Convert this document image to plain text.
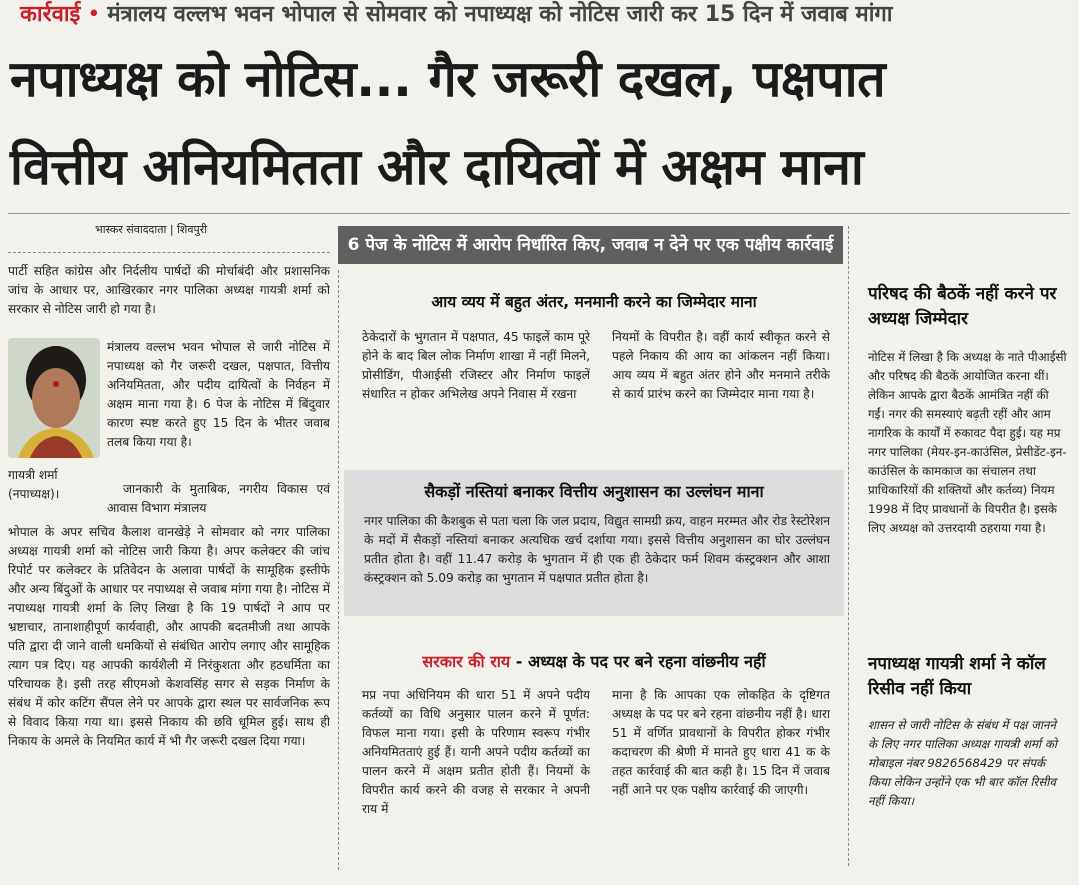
कार्रवाई • मंत्रालय वल्लभ भवन भोपाल से सोमवार को नपाध्यक्ष को नोटिस जारी कर 15 दिन में जवाब मांगा
नपाध्यक्ष को नोटिस... गैर जरूरी दखल, पक्षपात
वित्तीय अनियमितता और दायित्वों में अक्षम माना
भास्कर संवाददाता | शिवपुरी
पार्टी सहित कांग्रेस और निर्दलीय पार्षदों की मोर्चाबंदी और प्रशासनिक जांच के आधार पर, आखिरकार नगर पालिका अध्यक्ष गायत्री शर्मा को सरकार से नोटिस जारी हो गया है।
मंत्रालय वल्लभ भवन भोपाल से जारी नोटिस में नपाध्यक्ष को गैर जरूरी दखल, पक्षपात, वित्तीय अनियमितता, और पदीय दायित्वों के निर्वहन में अक्षम माना गया है। 6 पेज के नोटिस में बिंदुवार कारण स्पष्ट करते हुए 15 दिन के भीतर जवाब तलब किया गया है।
गायत्री शर्मा
(नपाध्यक्ष)।	जानकारी के मुताबिक, नगरीय विकास एवं आवास विभाग मंत्रालय
भोपाल के अपर सचिव कैलाश वानखेड़े ने सोमवार को नगर पालिका अध्यक्ष गायत्री शर्मा को नोटिस जारी किया है। अपर कलेक्टर की जांच रिपोर्ट पर कलेक्टर के प्रतिवेदन के अलावा पार्षदों के सामूहिक इस्तीफे और अन्य बिंदुओं के आधार पर नपाध्यक्ष से जवाब मांगा गया है। नोटिस में नपाध्यक्ष गायत्री शर्मा के लिए लिखा है कि 19 पार्षदों ने आप पर भ्रष्टाचार, तानाशाहीपूर्ण कार्यवाही, और आपकी बदतमीजी तथा आपके पति द्वारा दी जाने वाली धमकियों से संबंधित आरोप लगाए और सामूहिक त्याग पत्र दिए। यह आपकी कार्यशैली में निरंकुशता और हठधर्मिता का परिचायक है। इसी तरह सीएमओ केशवसिंह सगर से सड़क निर्माण के संबंध में कोर कटिंग सैंपल लेने पर आपके द्वारा स्थल पर सार्वजनिक रूप से विवाद किया गया था। इससे निकाय की छवि धूमिल हुई। साथ ही निकाय के अमले के नियमित कार्य में भी गैर जरूरी दखल दिया गया।
6 पेज के नोटिस में आरोप निर्धारित किए, जवाब न देने पर एक पक्षीय कार्रवाई
आय व्यय में बहुत अंतर, मनमानी करने का जिम्मेदार माना
ठेकेदारों के भुगतान में पक्षपात, 45 फाइलें काम पूरे होने के बाद बिल लोक निर्माण शाखा में नहीं मिलने, प्रोसीडिंग, पीआईसी रजिस्टर और निर्माण फाइलें संधारित न होकर अभिलेख अपने निवास में रखना
नियमों के विपरीत है। वहीं कार्य स्वीकृत करने से पहले निकाय की आय का आंकलन नहीं किया। आय व्यय में बहुत अंतर होने और मनमाने तरीके से कार्य प्रारंभ करने का जिम्मेदार माना गया है।
सैकड़ों नस्तियां बनाकर वित्तीय अनुशासन का उल्लंघन माना
नगर पालिका की कैशबुक से पता चला कि जल प्रदाय, विद्युत सामग्री क्रय, वाहन मरम्मत और रोड रेस्टोरेशन के मदों में सैकड़ों नस्तियां बनाकर अत्यधिक खर्च दर्शाया गया। इससे वित्तीय अनुशासन का घोर उल्लंघन प्रतीत होता है। वहीं 11.47 करोड़ के भुगतान में ही एक ही ठेकेदार फर्म शिवम कंस्ट्रक्शन और आशा कंस्ट्रक्शन को 5.09 करोड़ का भुगतान में पक्षपात प्रतीत होता है।
सरकार की राय - अध्यक्ष के पद पर बने रहना वांछनीय नहीं
मप्र नपा अधिनियम की धारा 51 में अपने पदीय कर्तव्यों का विधि अनुसार पालन करने में पूर्णत: विफल माना गया। इसी के परिणाम स्वरूप गंभीर अनियमितताएं हुई हैं। यानी अपने पदीय कर्तव्यों का पालन करने में अक्षम प्रतीत होती हैं। नियमों के विपरीत कार्य करने की वजह से सरकार ने अपनी राय में
माना है कि आपका एक लोकहित के दृष्टिगत अध्यक्ष के पद पर बने रहना वांछनीय नहीं है। धारा 51 में वर्णित प्रावधानों के विपरीत होकर गंभीर कदाचरण की श्रेणी में मानते हुए धारा 41 क के तहत कार्रवाई की बात कही है। 15 दिन में जवाब नहीं आने पर एक पक्षीय कार्रवाई की जाएगी।
परिषद की बैठकें नहीं करने पर अध्यक्ष जिम्मेदार
नोटिस में लिखा है कि अध्यक्ष के नाते पीआईसी और परिषद की बैठकें आयोजित करना थीं। लेकिन आपके द्वारा बैठकें आमंत्रित नहीं की गईं। नगर की समस्याएं बढ़ती रहीं और आम नागरिक के कार्यों में रुकावट पैदा हुई। यह मप्र नगर पालिका (मेयर-इन-काउंसिल, प्रेसीडेंट-इन-काउंसिल के कामकाज का संचालन तथा प्राधिकारियों की शक्तियों और कर्तव्य) नियम 1998 में दिए प्रावधानों के विपरीत है। इसके लिए अध्यक्ष को उत्तरदायी ठहराया गया है।
नपाध्यक्ष गायत्री शर्मा ने कॉल रिसीव नहीं किया
शासन से जारी नोटिस के संबंध में पक्ष जानने के लिए नगर पालिका अध्यक्ष गायत्री शर्मा को मोबाइल नंबर 9826568429 पर संपर्क किया लेकिन उन्होंने एक भी बार कॉल रिसीव नहीं किया।
